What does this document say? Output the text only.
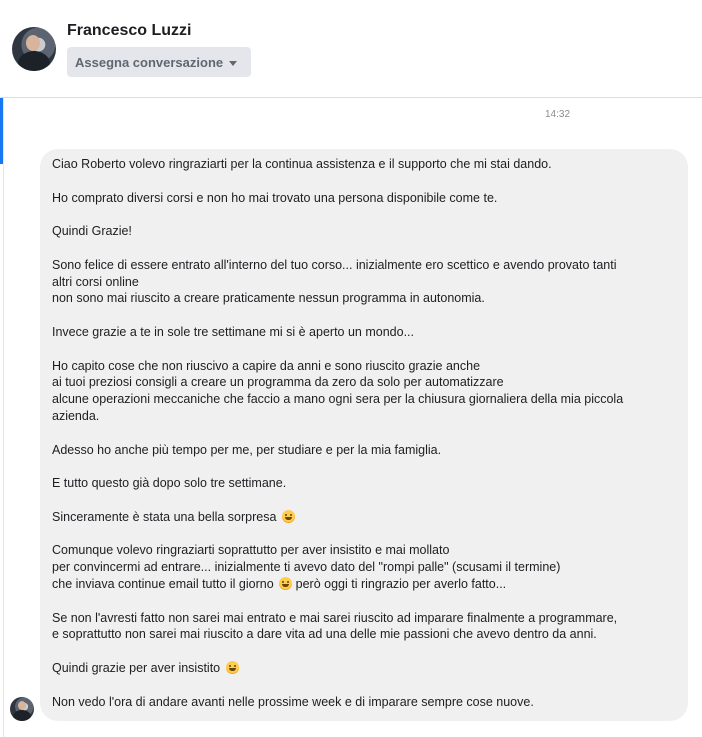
Francesco Luzzi
Assegna conversazione
14:32

Ciao Roberto volevo ringraziarti per la continua assistenza e il supporto che mi stai dando.

Ho comprato diversi corsi e non ho mai trovato una persona disponibile come te.

Quindi Grazie!

Sono felice di essere entrato all'interno del tuo corso... inizialmente ero scettico e avendo provato tanti
altri corsi online
non sono mai riuscito a creare praticamente nessun programma in autonomia.

Invece grazie a te in sole tre settimane mi si è aperto un mondo...

Ho capito cose che non riuscivo a capire da anni e sono riuscito grazie anche
ai tuoi preziosi consigli a creare un programma da zero da solo per automatizzare
alcune operazioni meccaniche che faccio a mano ogni sera per la chiusura giornaliera della mia piccola
azienda.

Adesso ho anche più tempo per me, per studiare e per la mia famiglia.

E tutto questo già dopo solo tre settimane.

Sinceramente è stata una bella sorpresa

Comunque volevo ringraziarti soprattutto per aver insistito e mai mollato
per convincermi ad entrare... inizialmente ti avevo dato del "rompi palle" (scusami il termine)
che inviava continue email tutto il giorno però oggi ti ringrazio per averlo fatto...

Se non l'avresti fatto non sarei mai entrato e mai sarei riuscito ad imparare finalmente a programmare,
e soprattutto non sarei mai riuscito a dare vita ad una delle mie passioni che avevo dentro da anni.

Quindi grazie per aver insistito

Non vedo l'ora di andare avanti nelle prossime week e di imparare sempre cose nuove.
